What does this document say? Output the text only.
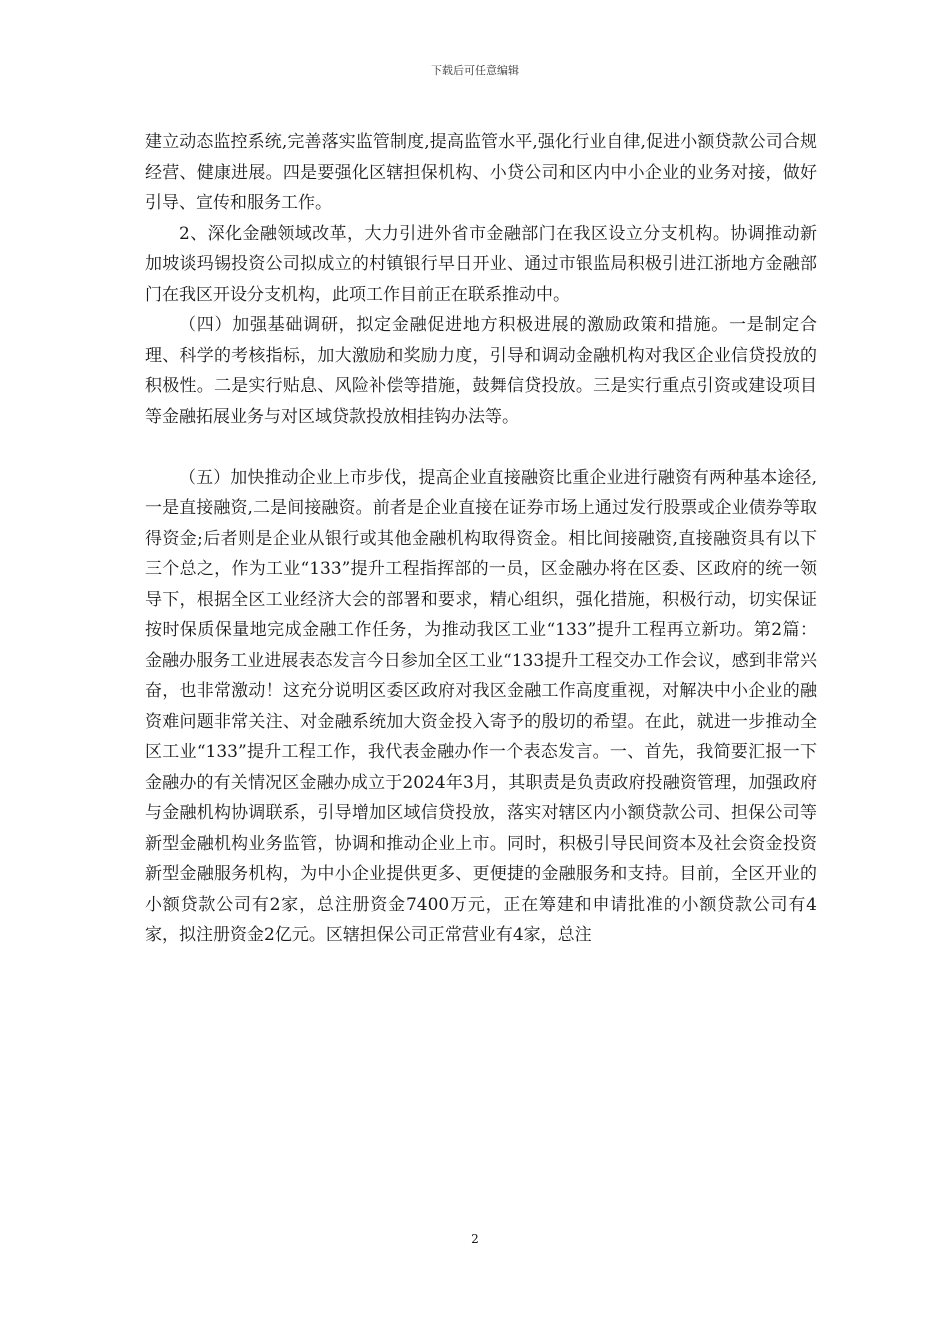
下载后可任意编辑

建立动态监控系统,完善落实监管制度,提高监管水平,强化行业自律,促进小额贷款公司合规经营、健康进展。四是要强化区辖担保机构、小贷公司和区内中小企业的业务对接，做好引导、宣传和服务工作。

2、深化金融领域改革，大力引进外省市金融部门在我区设立分支机构。协调推动新加坡谈玛锡投资公司拟成立的村镇银行早日开业、通过市银监局积极引进江浙地方金融部门在我区开设分支机构，此项工作目前正在联系推动中。

（四）加强基础调研，拟定金融促进地方积极进展的激励政策和措施。一是制定合理、科学的考核指标，加大激励和奖励力度，引导和调动金融机构对我区企业信贷投放的积极性。二是实行贴息、风险补偿等措施，鼓舞信贷投放。三是实行重点引资或建设项目等金融拓展业务与对区域贷款投放相挂钩办法等。

（五）加快推动企业上市步伐，提高企业直接融资比重企业进行融资有两种基本途径,一是直接融资,二是间接融资。前者是企业直接在证券市场上通过发行股票或企业债券等取得资金;后者则是企业从银行或其他金融机构取得资金。相比间接融资,直接融资具有以下三个总之，作为工业“133”提升工程指挥部的一员，区金融办将在区委、区政府的统一领导下，根据全区工业经济大会的部署和要求，精心组织，强化措施，积极行动，切实保证按时保质保量地完成金融工作任务，为推动我区工业“133”提升工程再立新功。第2篇：金融办服务工业进展表态发言今日参加全区工业“133提升工程交办工作会议，感到非常兴奋，也非常激动！这充分说明区委区政府对我区金融工作高度重视，对解决中小企业的融资难问题非常关注、对金融系统加大资金投入寄予的殷切的希望。在此，就进一步推动全区工业“133”提升工程工作，我代表金融办作一个表态发言。一、首先，我简要汇报一下金融办的有关情况区金融办成立于2024年3月，其职责是负责政府投融资管理，加强政府与金融机构协调联系，引导增加区域信贷投放，落实对辖区内小额贷款公司、担保公司等新型金融机构业务监管，协调和推动企业上市。同时，积极引导民间资本及社会资金投资新型金融服务机构，为中小企业提供更多、更便捷的金融服务和支持。目前，全区开业的小额贷款公司有2家，总注册资金7400万元，正在筹建和申请批准的小额贷款公司有4家，拟注册资金2亿元。区辖担保公司正常营业有4家，总注

2
